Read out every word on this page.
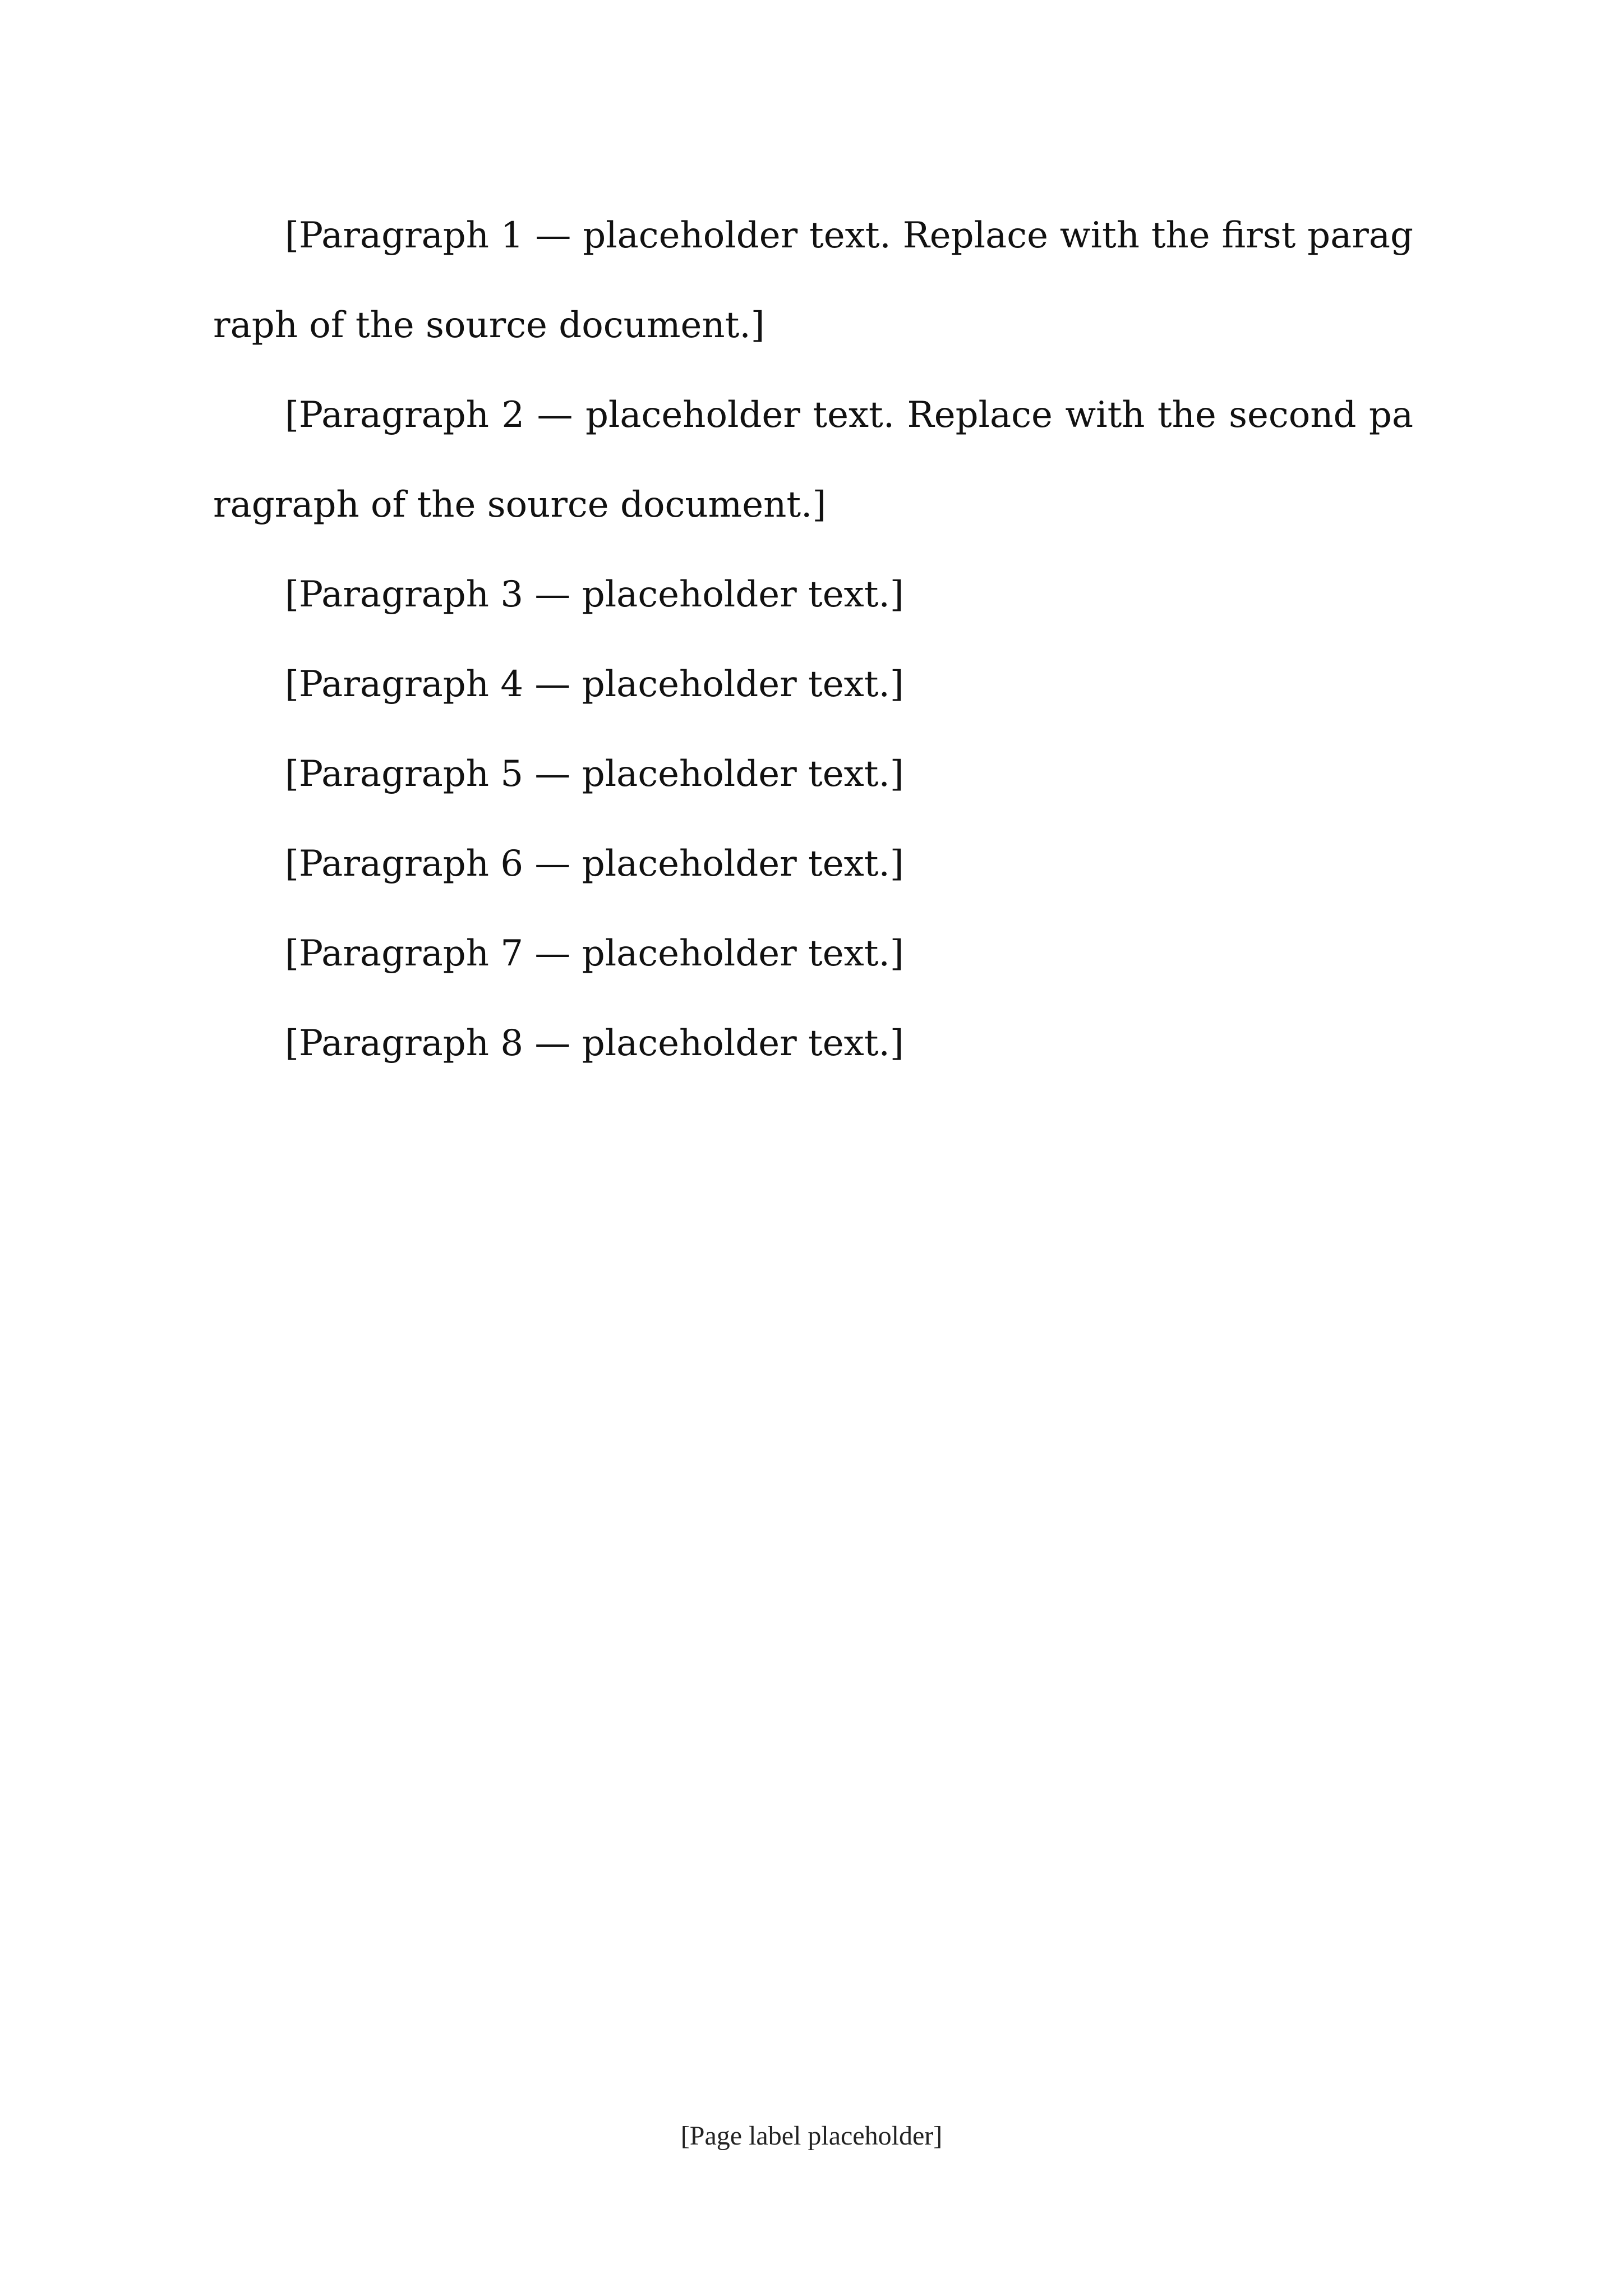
[Paragraph 1 — placeholder text. Replace with the first paragraph of the source document.]

[Paragraph 2 — placeholder text. Replace with the second paragraph of the source document.]

[Paragraph 3 — placeholder text.]

[Paragraph 4 — placeholder text.]

[Paragraph 5 — placeholder text.]

[Paragraph 6 — placeholder text.]

[Paragraph 7 — placeholder text.]

[Paragraph 8 — placeholder text.]

[Page label placeholder]
